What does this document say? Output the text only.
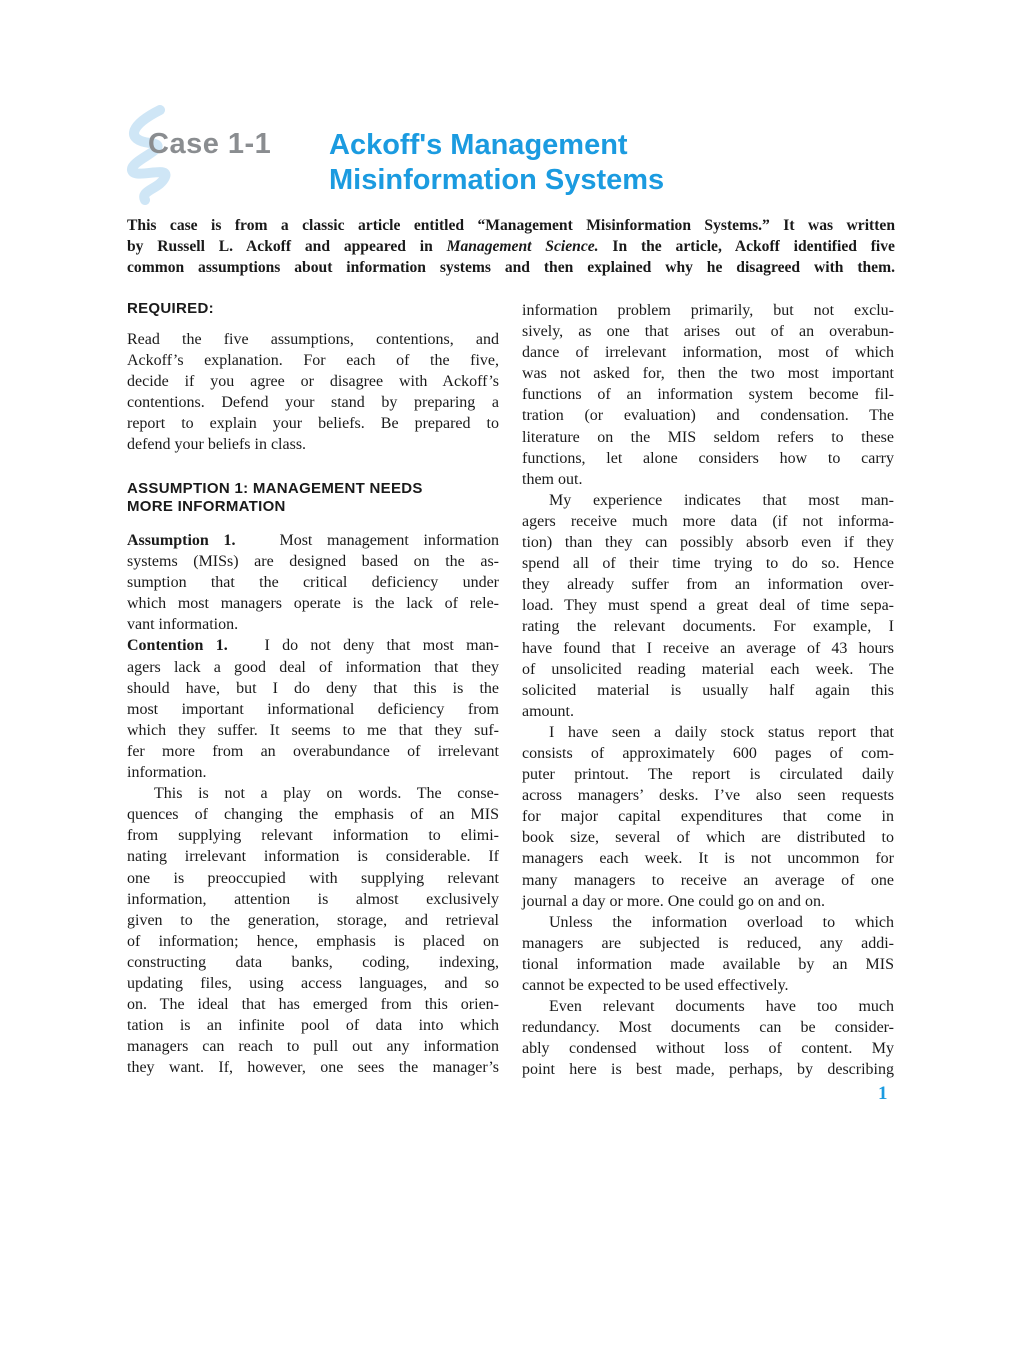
Case 1-1 Ackoff's Management
Misinformation Systems
This case is from a classic article entitled “Management Misinformation Systems.” It was written
by Russell L. Ackoff and appeared in Management Science. In the article, Ackoff identified five
common assumptions about information systems and then explained why he disagreed with them.
REQUIRED:
Read the five assumptions, contentions, and
Ackoff’s explanation. For each of the five,
decide if you agree or disagree with Ackoff’s
contentions. Defend your stand by preparing a
report to explain your beliefs. Be prepared to
defend your beliefs in class.
ASSUMPTION 1: MANAGEMENT NEEDS
MORE INFORMATION
Assumption 1.   Most management information
systems (MISs) are designed based on the as-
sumption that the critical deficiency under
which most managers operate is the lack of rele-
vant information.
Contention 1.   I do not deny that most man-
agers lack a good deal of information that they
should have, but I do deny that this is the
most important informational deficiency from
which they suffer. It seems to me that they suf-
fer more from an overabundance of irrelevant
information.
This is not a play on words. The conse-
quences of changing the emphasis of an MIS
from supplying relevant information to elimi-
nating irrelevant information is considerable. If
one is preoccupied with supplying relevant
information, attention is almost exclusively
given to the generation, storage, and retrieval
of information; hence, emphasis is placed on
constructing data banks, coding, indexing,
updating files, using access languages, and so
on. The ideal that has emerged from this orien-
tation is an infinite pool of data into which
managers can reach to pull out any information
they want. If, however, one sees the manager’s
information problem primarily, but not exclu-
sively, as one that arises out of an overabun-
dance of irrelevant information, most of which
was not asked for, then the two most important
functions of an information system become fil-
tration (or evaluation) and condensation. The
literature on the MIS seldom refers to these
functions, let alone considers how to carry
them out.
My experience indicates that most man-
agers receive much more data (if not informa-
tion) than they can possibly absorb even if they
spend all of their time trying to do so. Hence
they already suffer from an information over-
load. They must spend a great deal of time sepa-
rating the relevant documents. For example, I
have found that I receive an average of 43 hours
of unsolicited reading material each week. The
solicited material is usually half again this
amount.
I have seen a daily stock status report that
consists of approximately 600 pages of com-
puter printout. The report is circulated daily
across managers’ desks. I’ve also seen requests
for major capital expenditures that come in
book size, several of which are distributed to
managers each week. It is not uncommon for
many managers to receive an average of one
journal a day or more. One could go on and on.
Unless the information overload to which
managers are subjected is reduced, any addi-
tional information made available by an MIS
cannot be expected to be used effectively.
Even relevant documents have too much
redundancy. Most documents can be consider-
ably condensed without loss of content. My
point here is best made, perhaps, by describing
1
